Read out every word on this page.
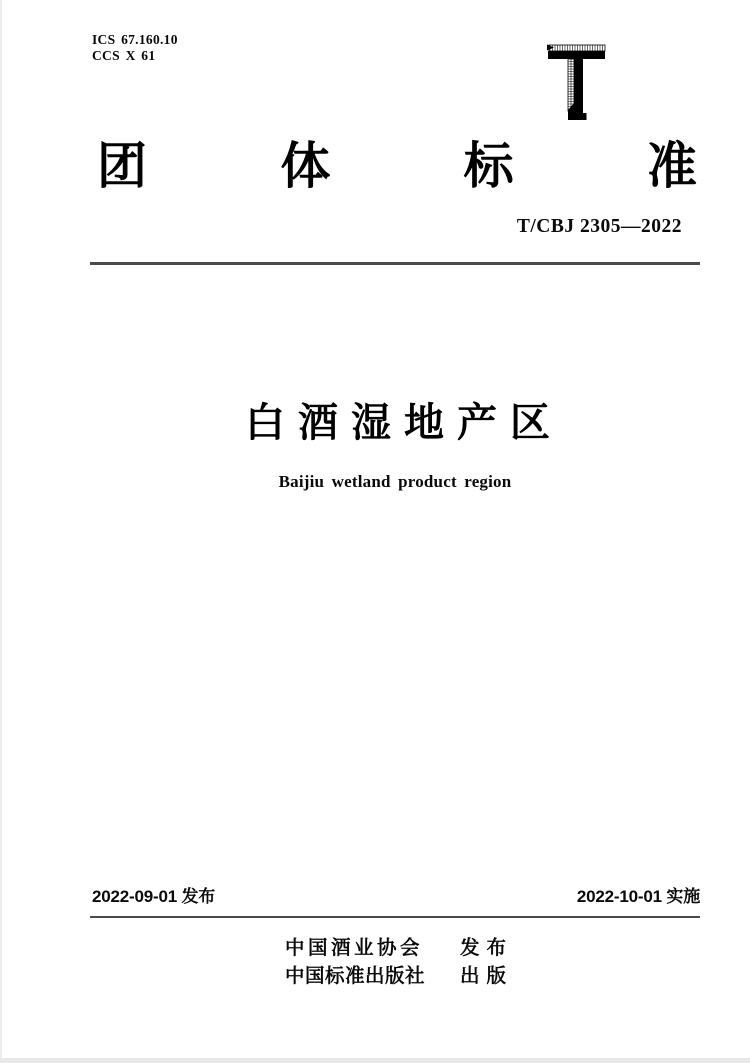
ICS 67.160.10
CCS X 61
团	体	标	准
T/CBJ 2305—2022
白酒湿地产区
Baijiu wetland product region
2022-09-01 发布	2022-10-01 实施
中国酒业协会 发布
中国标准出版社 出版
